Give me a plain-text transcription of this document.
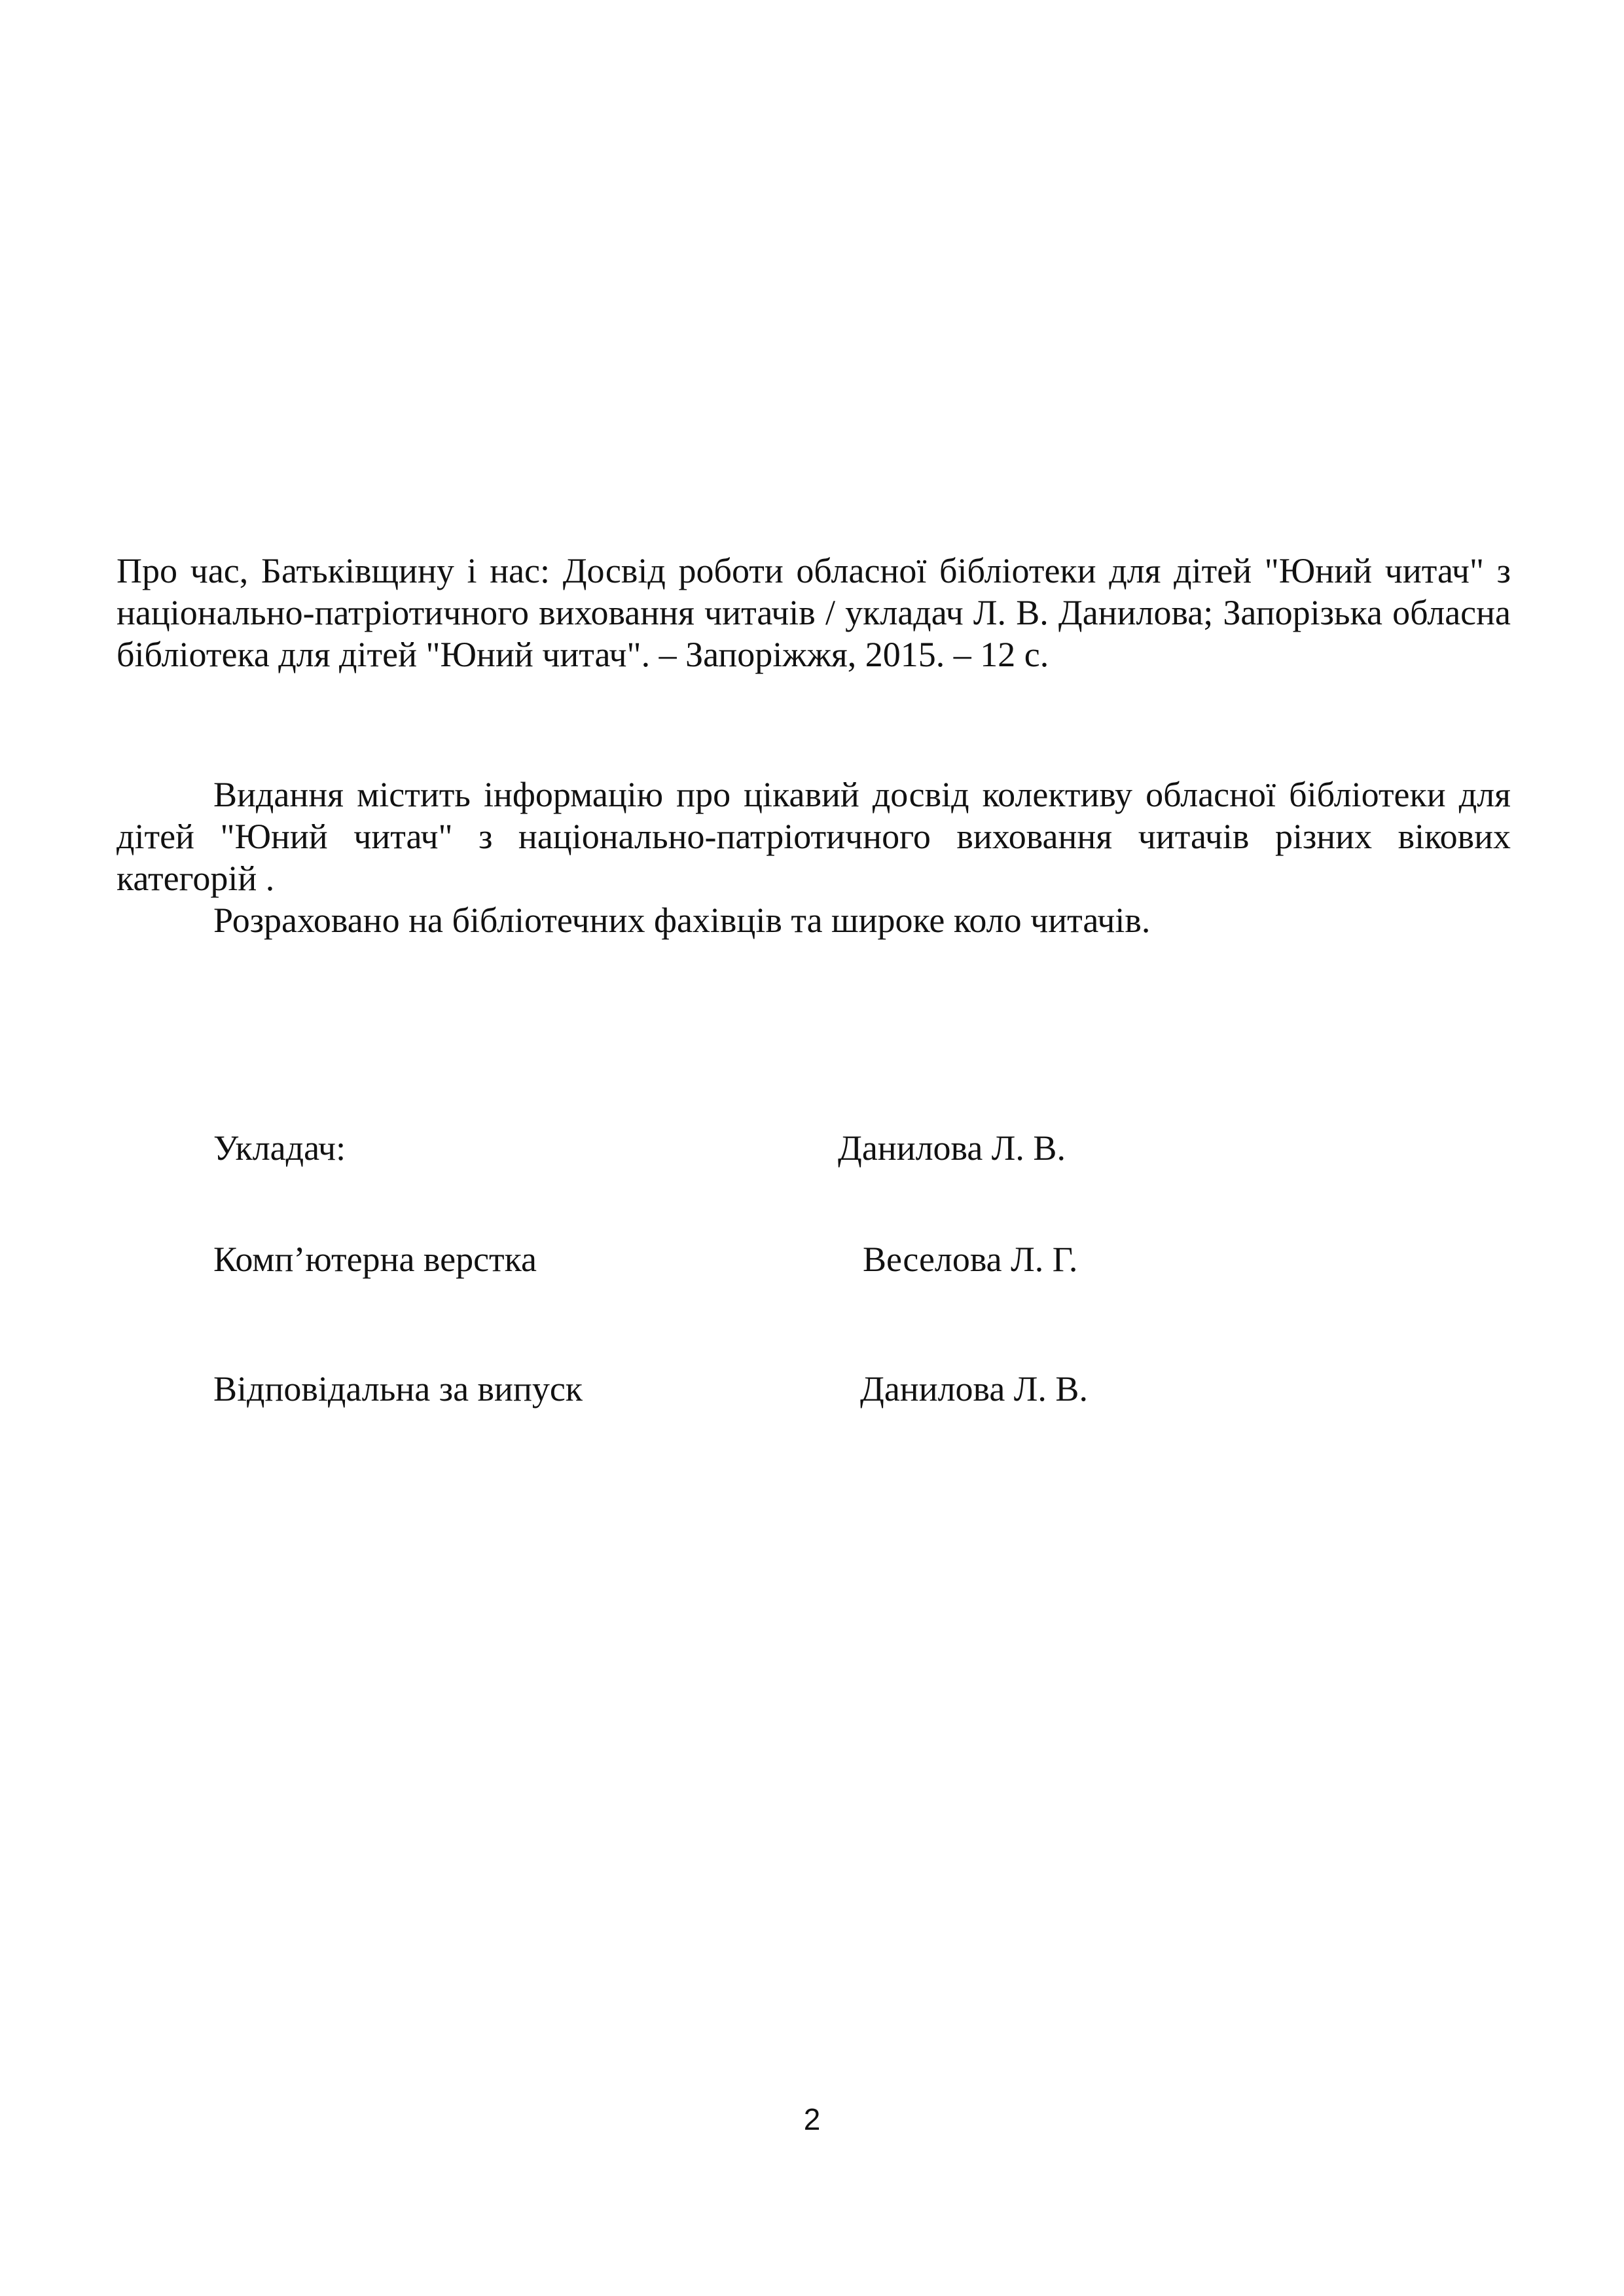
Про час, Батьківщину і нас: Досвід роботи обласної бібліотеки для дітей "Юний читач" з національно-патріотичного виховання читачів / укладач Л. В. Данилова; Запорізька обласна бібліотека для дітей "Юний читач". – Запоріжжя, 2015. – 12 с.

Видання містить інформацію про цікавий досвід колективу обласної бібліотеки для дітей "Юний читач" з національно-патріотичного виховання читачів різних вікових категорій .

Розраховано на бібліотечних фахівців та широке коло читачів.

Укладач:	Данилова Л. В.
Комп’ютерна верстка	Веселова Л. Г.
Відповідальна за випуск	Данилова Л. В.
2
